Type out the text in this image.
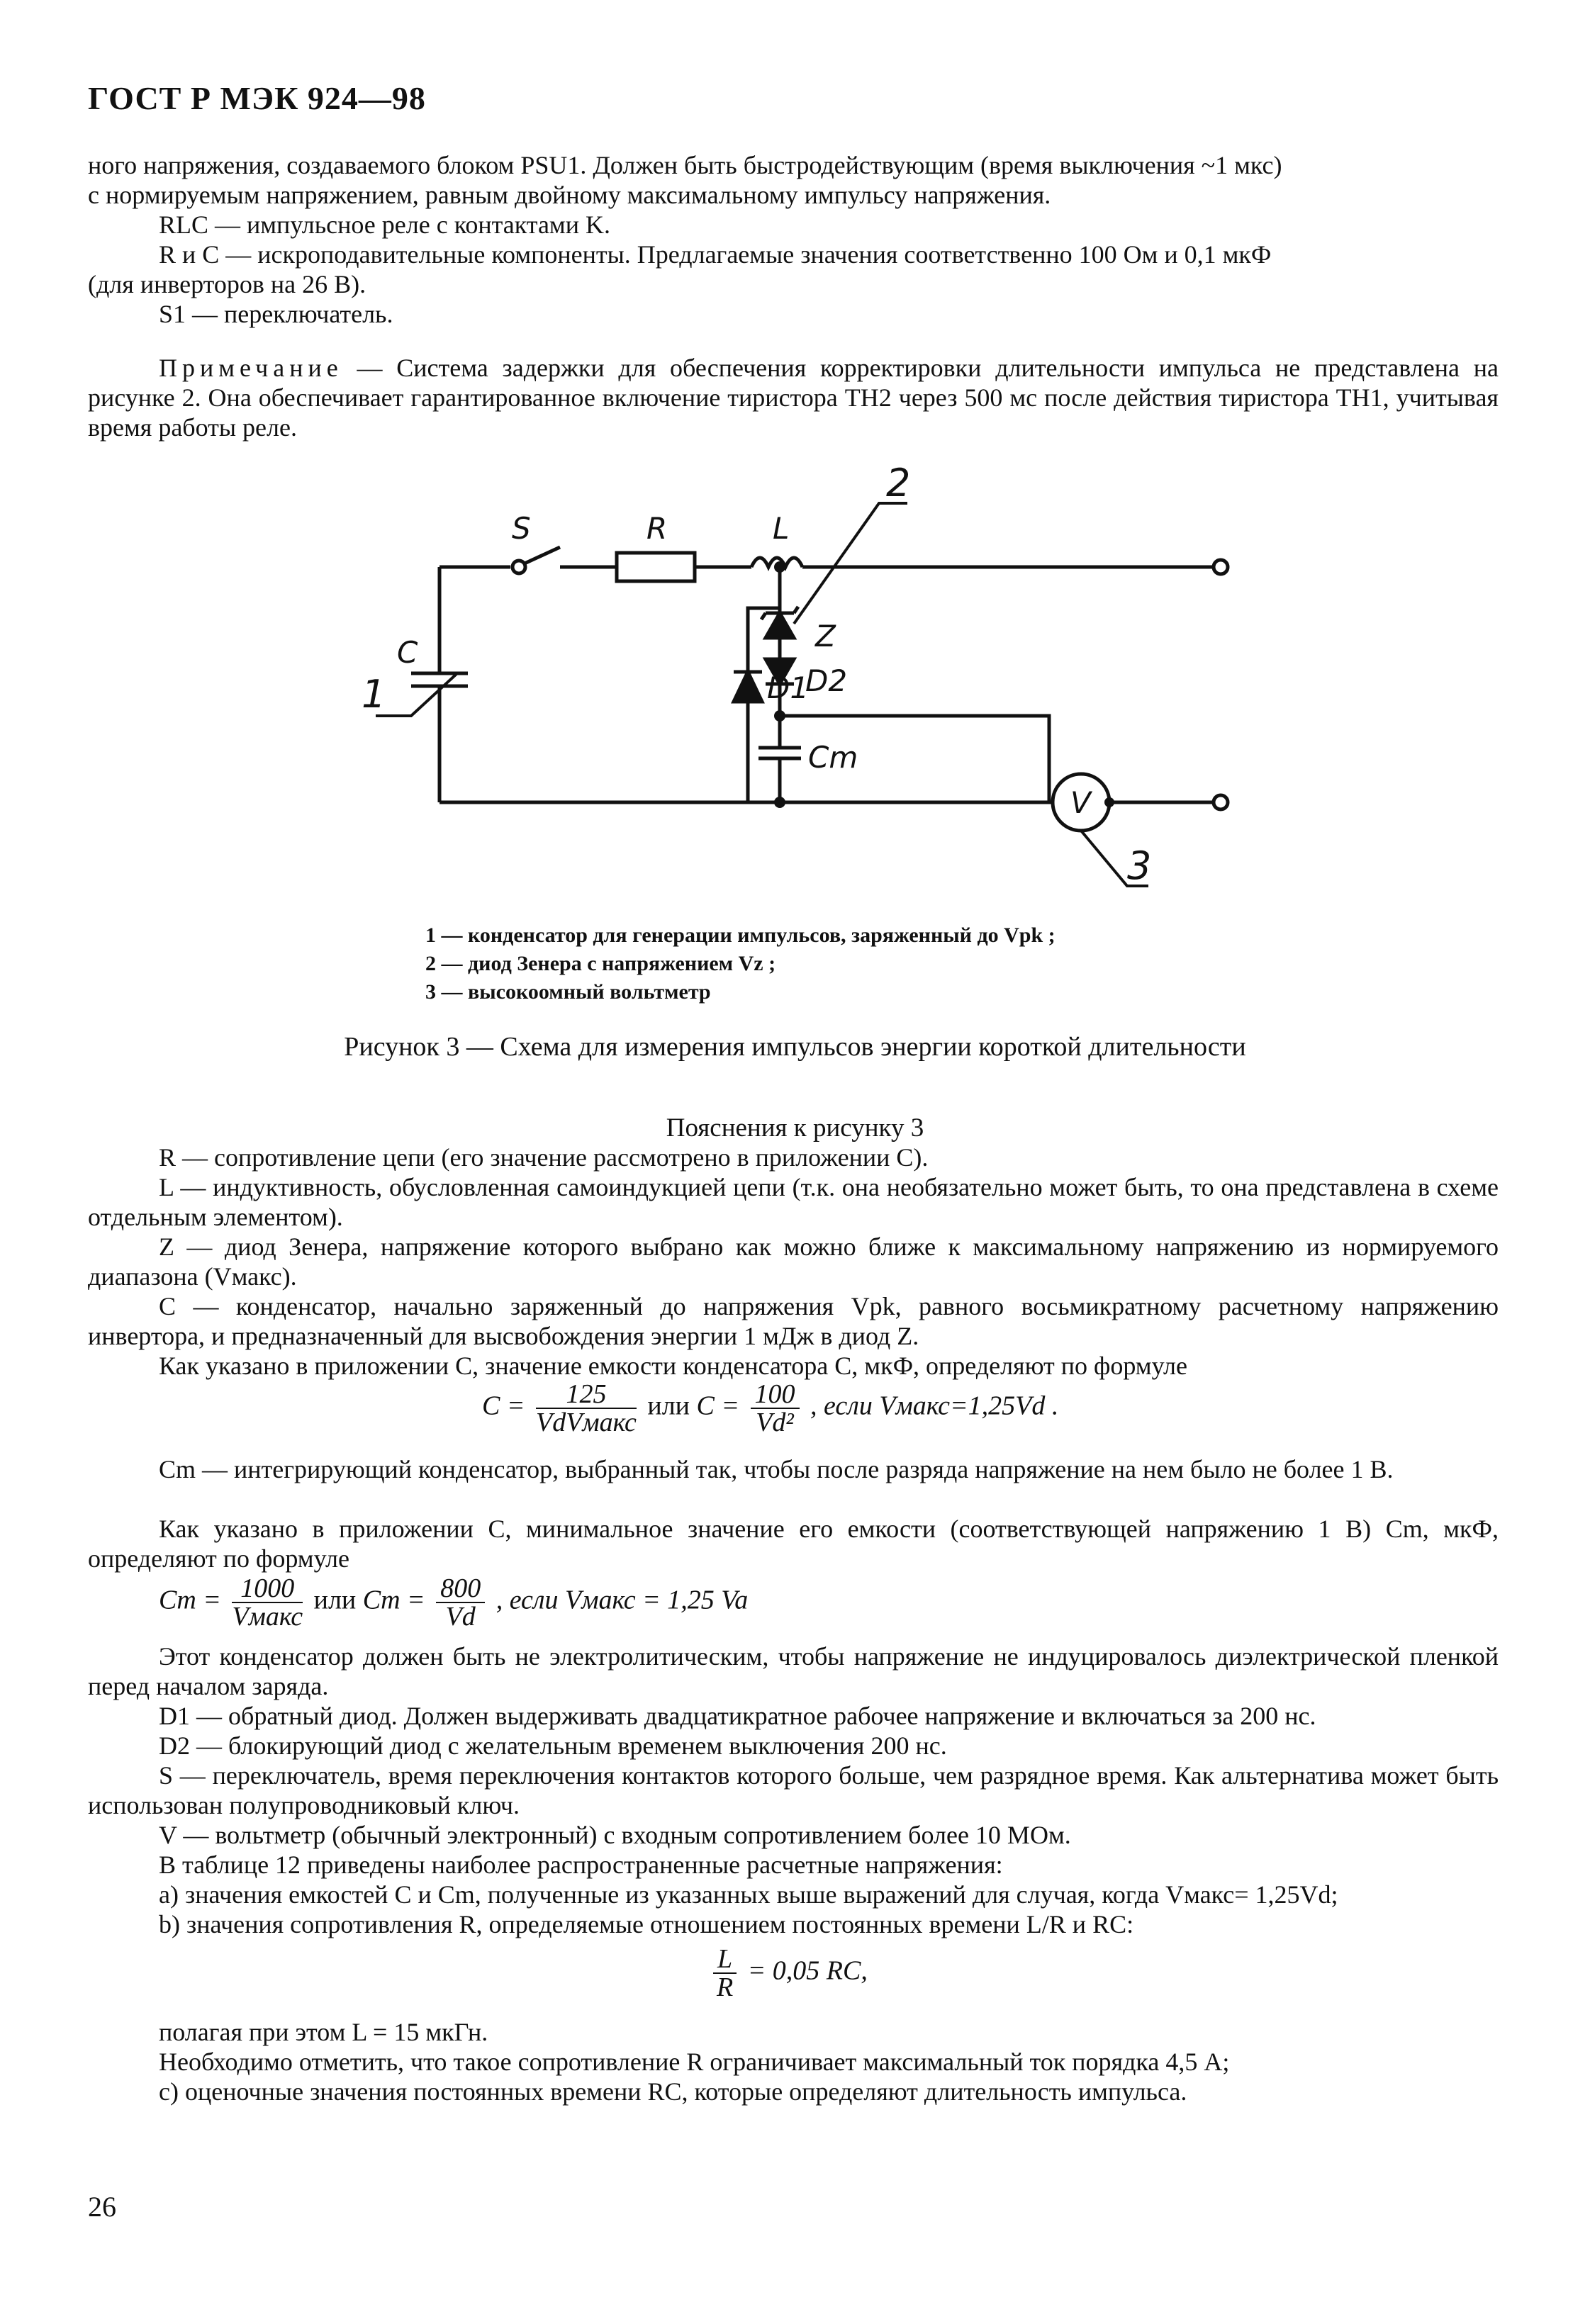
ГОСТ Р МЭК 924—98
ного напряжения, создаваемого блоком PSU1. Должен быть быстродействующим (время выключения ~1 мкс)
с нормируемым напряжением, равным двойному максимальному импульсу напряжения.
RLC — импульсное реле с контактами K.
R и C — искроподавительные компоненты. Предлагаемые значения соответственно 100 Ом и 0,1 мкФ
(для инверторов на 26 В).
S1 — переключатель.
Примечание — Система задержки для обеспечения корректировки длительности импульса не представлена на рисунке 2. Она обеспечивает гарантированное включение тиристора TH2 через 500 мс после действия тиристора TH1, учитывая время работы реле.
S	R	L
C
D1
D2
Z
Cm
V
1
2
3
1 — конденсатор для генерации импульсов, заряженный до Vpk ;
2 — диод Зенера с напряжением Vz ;
3 — высокоомный вольтметр
Рисунок 3 — Схема для измерения импульсов энергии короткой длительности
Пояснения к рисунку 3
R — сопротивление цепи (его значение рассмотрено в приложении С).
L — индуктивность, обусловленная самоиндукцией цепи (т.к. она необязательно может быть, то она представлена в схеме отдельным элементом).
Z — диод Зенера, напряжение которого выбрано как можно ближе к максимальному напряжению из нормируемого диапазона (Vмакс).
C — конденсатор, начально заряженный до напряжения Vpk, равного восьмикратному расчетному напряжению инвертора, и предназначенный для высвобождения энергии 1 мДж в диод Z.
Как указано в приложении С, значение емкости конденсатора С, мкФ, определяют по формуле
$C = \frac{125}{\text{VdVмакс}}$ или $C = \frac{100}{\text{Vd²}}$ , если Vмакс=1,25Vd .
Cm — интегрирующий конденсатор, выбранный так, чтобы после разряда напряжение на нем было не более 1 В.
Как указано в приложении С, минимальное значение его емкости (соответствующей напряжению 1 В) Cm, мкФ, определяют по формуле
$Cm = \frac{1000}{\text{Vмакс}}$ или $Cm = \frac{800}{Vd}$ , если Vмакс = 1,25 Va
Этот конденсатор должен быть не электролитическим, чтобы напряжение не индуцировалось диэлектрической пленкой перед началом заряда.
D1 — обратный диод. Должен выдерживать двадцатикратное рабочее напряжение и включаться за 200 нс.
D2 — блокирующий диод с желательным временем выключения 200 нс.
S — переключатель, время переключения контактов которого больше, чем разрядное время. Как альтернатива может быть использован полупроводниковый ключ.
V — вольтметр (обычный электронный) с входным сопротивлением более 10 МОм.
В таблице 12 приведены наиболее распространенные расчетные напряжения:
а) значения емкостей С и Cm, полученные из указанных выше выражений для случая, когда Vмакс= 1,25Vd;
b) значения сопротивления R, определяемые отношением постоянных времени L/R и RC:
$\frac{L}{R} = 0,05$ RC,
полагая при этом L = 15 мкГн.
Необходимо отметить, что такое сопротивление R ограничивает максимальный ток порядка 4,5 А;
с) оценочные значения постоянных времени RC, которые определяют длительность импульса.
26
